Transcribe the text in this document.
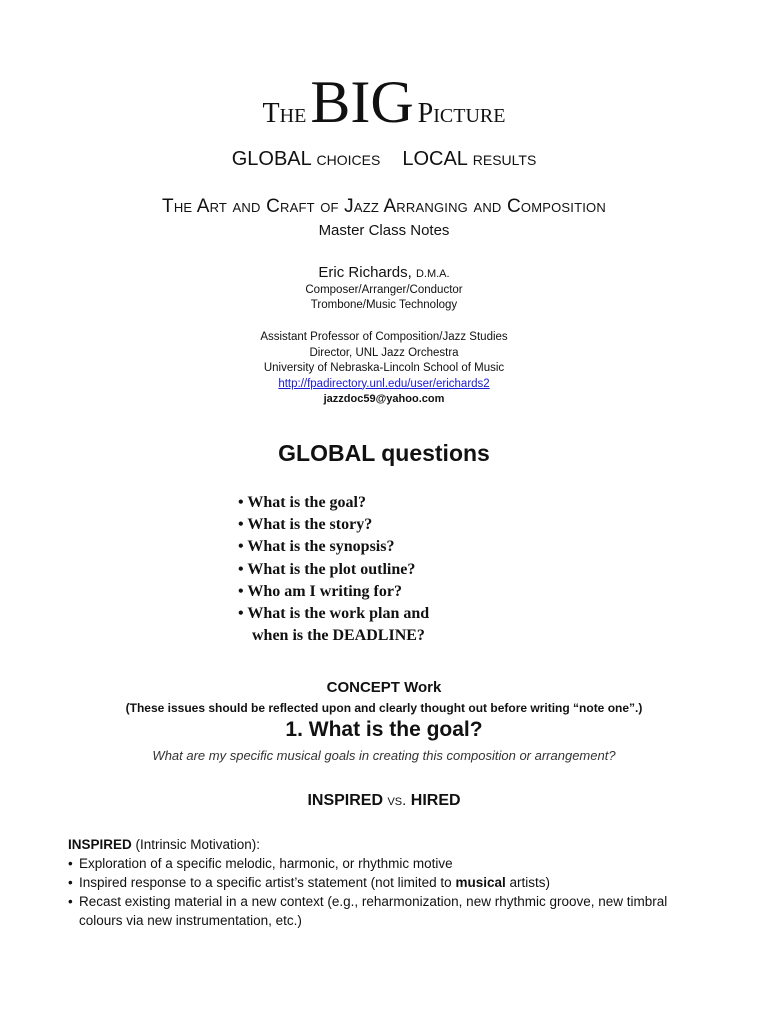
The BIG Picture
GLOBAL choices LOCAL results
The Art and Craft of Jazz Arranging and Composition
Master Class Notes
Eric Richards, D.M.A.
Composer/Arranger/Conductor
Trombone/Music Technology
Assistant Professor of Composition/Jazz Studies
Director, UNL Jazz Orchestra
University of Nebraska-Lincoln School of Music
http://fpadirectory.unl.edu/user/erichards2
jazzdoc59@yahoo.com
GLOBAL questions
• What is the goal?
• What is the story?
• What is the synopsis?
• What is the plot outline?
• Who am I writing for?
• What is the work plan and
when is the DEADLINE?
CONCEPT Work
(These issues should be reflected upon and clearly thought out before writing “note one”.)
1. What is the goal?
What are my specific musical goals in creating this composition or arrangement?
INSPIRED vs. HIRED
INSPIRED (Intrinsic Motivation):
• Exploration of a specific melodic, harmonic, or rhythmic motive
• Inspired response to a specific artist’s statement (not limited to musical artists)
• Recast existing material in a new context (e.g., reharmonization, new rhythmic groove, new timbral colours via new instrumentation, etc.)
